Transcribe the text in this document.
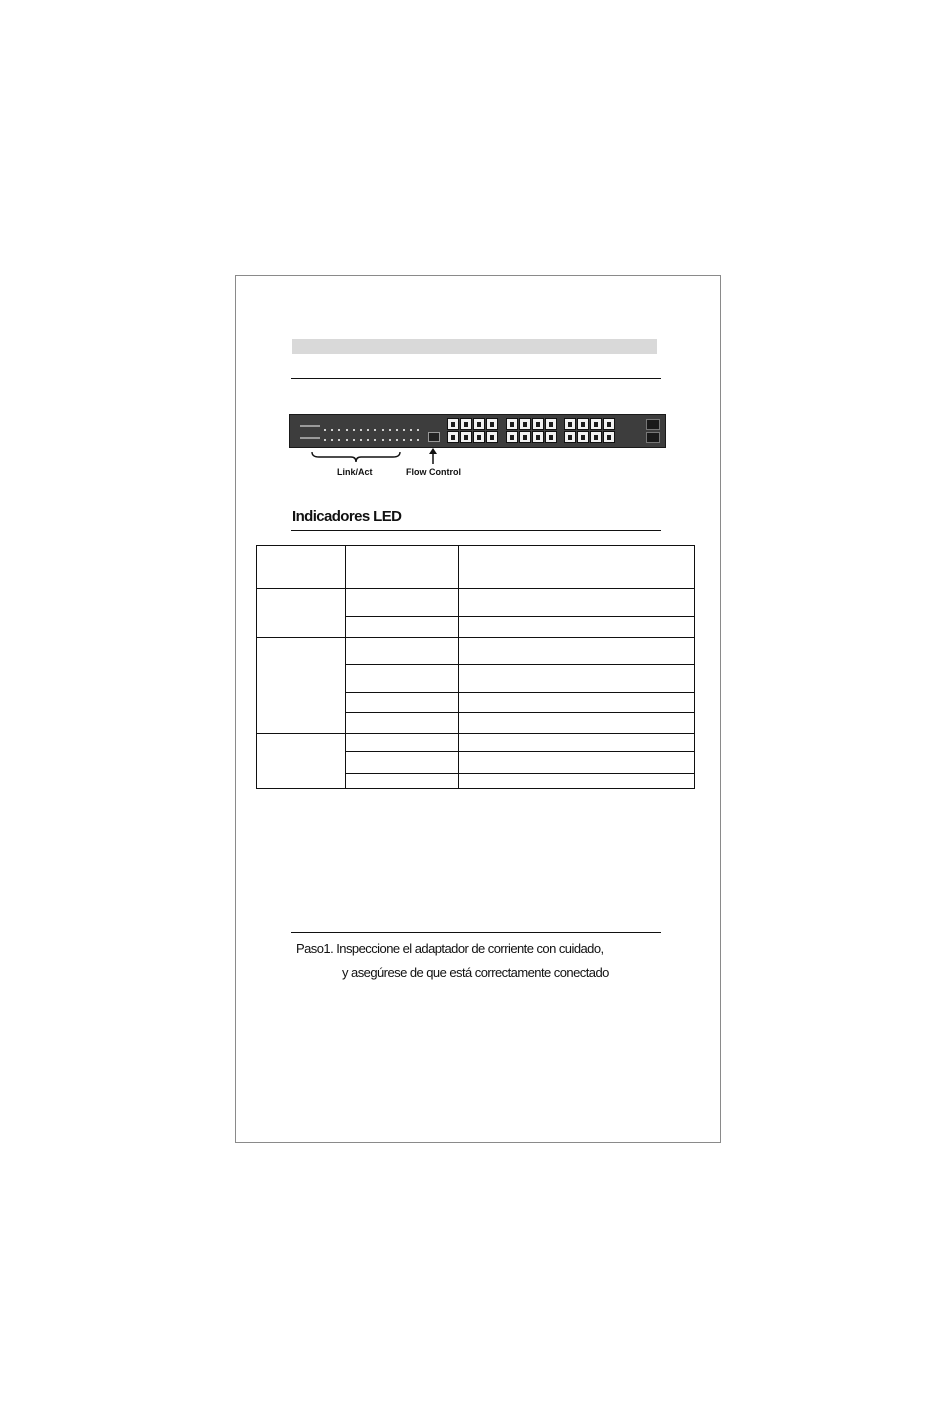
Link/Act	Flow Control
Indicadores LED

Paso1. Inspeccione el adaptador de corriente con cuidado,
y asegúrese de que está correctamente conectado
